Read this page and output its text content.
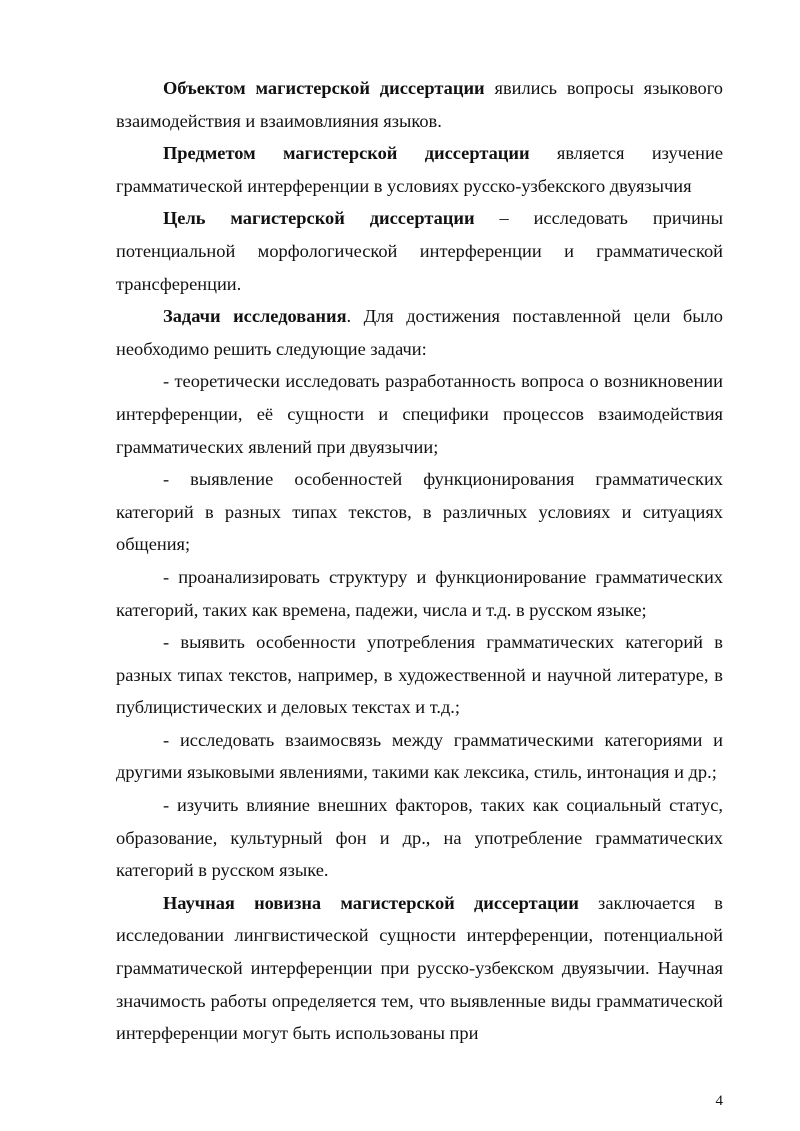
Объектом магистерской диссертации явились вопросы языкового взаимодействия и взаимовлияния языков.

Предметом магистерской диссертации является изучение грамматической интерференции в условиях русско-узбекского двуязычия

Цель магистерской диссертации – исследовать причины потенциальной морфологической интерференции и грамматической трансференции.

Задачи исследования. Для достижения поставленной цели было необходимо решить следующие задачи:

- теоретически исследовать разработанность вопроса о возникновении интерференции, её сущности и специфики процессов взаимодействия грамматических явлений при двуязычии;

- выявление особенностей функционирования грамматических категорий в разных типах текстов, в различных условиях и ситуациях общения;

- проанализировать структуру и функционирование грамматических категорий, таких как времена, падежи, числа и т.д. в русском языке;

- выявить особенности употребления грамматических категорий в разных типах текстов, например, в художественной и научной литературе, в публицистических и деловых текстах и т.д.;

- исследовать взаимосвязь между грамматическими категориями и другими языковыми явлениями, такими как лексика, стиль, интонация и др.;

- изучить влияние внешних факторов, таких как социальный статус, образование, культурный фон и др., на употребление грамматических категорий в русском языке.

Научная новизна магистерской диссертации заключается в исследовании лингвистической сущности интерференции, потенциальной грамматической интерференции при русско-узбекском двуязычии. Научная значимость работы определяется тем, что выявленные виды грамматической интерференции могут быть использованы при

4
